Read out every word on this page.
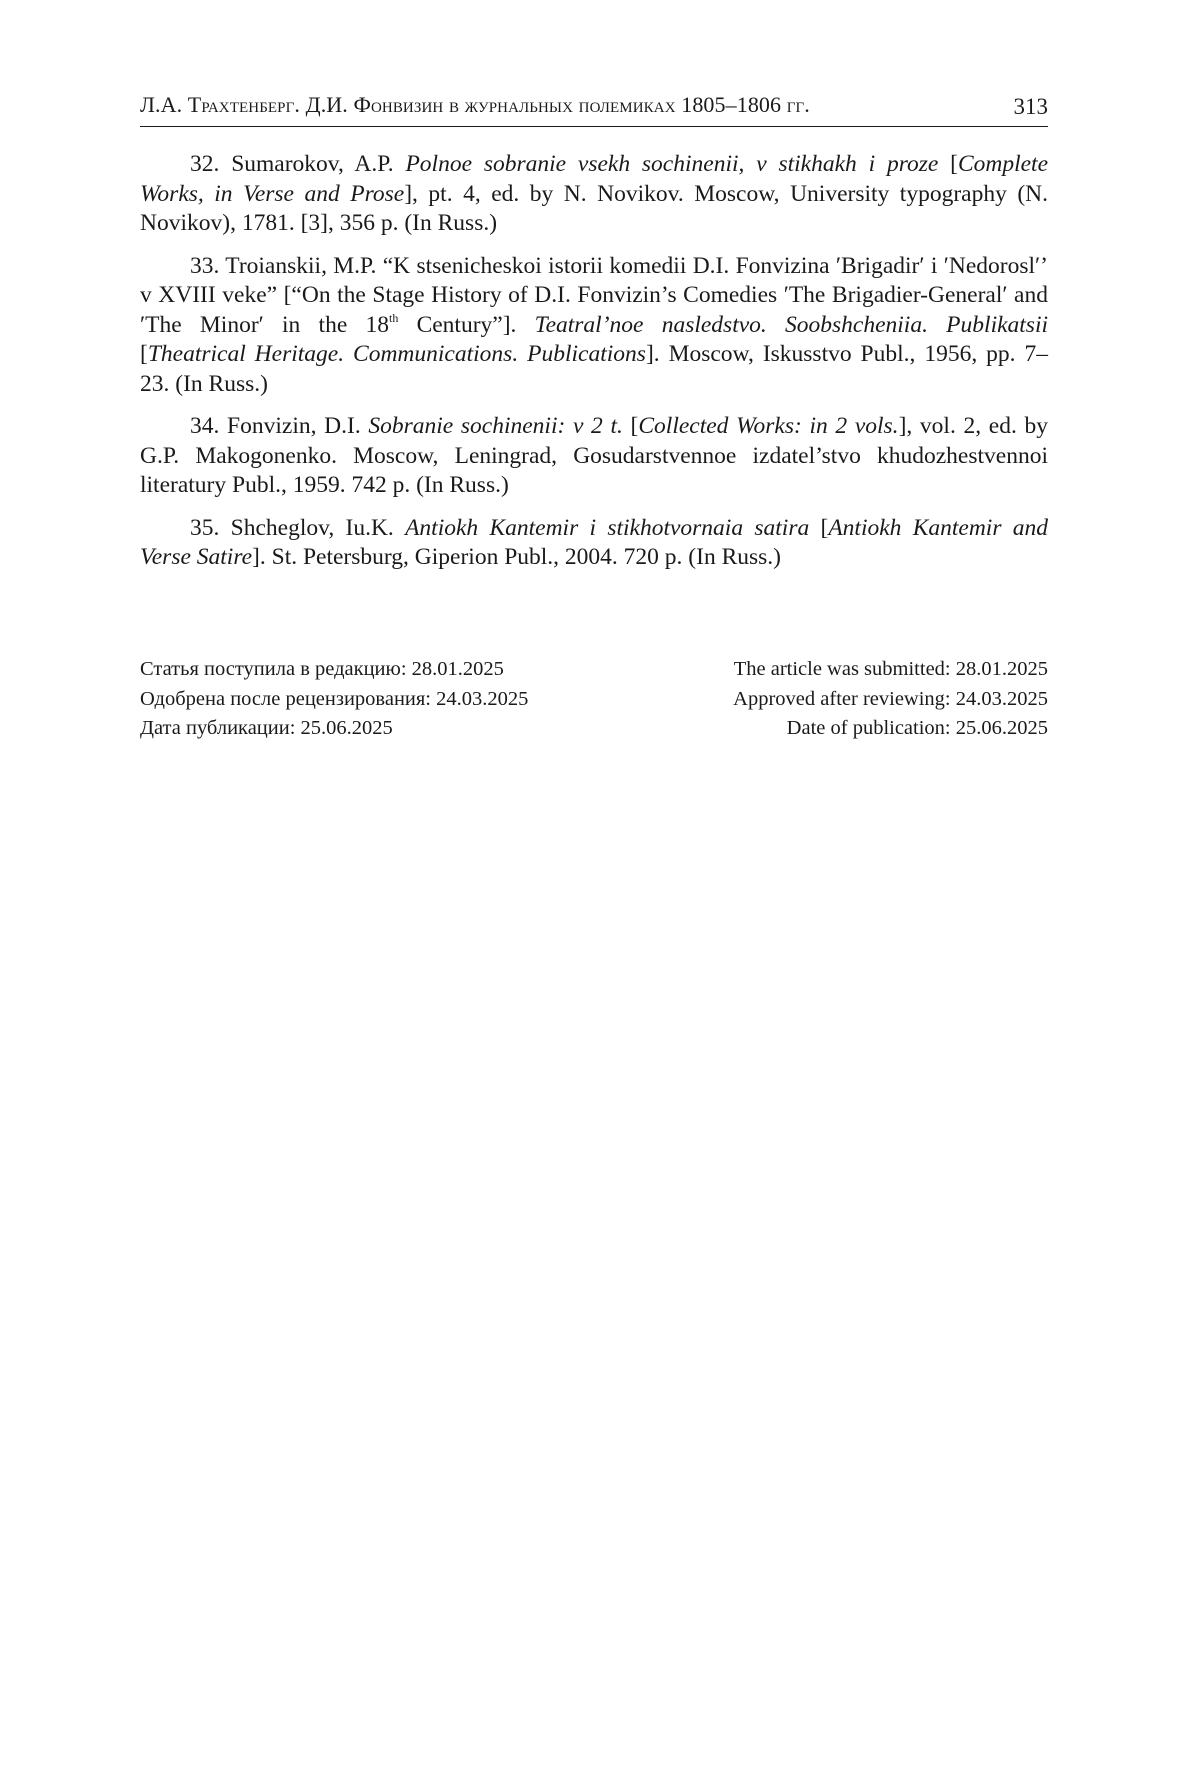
Л.А. Трахтенберг. Д.И. Фонвизин в журнальных полемиках 1805–1806 гг.	313

32. Sumarokov, A.P. Polnoe sobranie vsekh sochinenii, v stikhakh i proze [Complete Works, in Verse and Prose], pt. 4, ed. by N. Novikov. Moscow, University typography (N. Novikov), 1781. [3], 356 p. (In Russ.)

33. Troianskii, M.P. “K stsenicheskoi istorii komedii D.I. Fonvizina ʹBrigadirʹ i ʹNedoroslʹ’ v XVIII veke” [“On the Stage History of D.I. Fonvizin’s Comedies ʹThe Brigadier-Generalʹ and ʹThe Minorʹ in the 18th Century”]. Teatral’noe nasledstvo. Soobshcheniia. Publikatsii [Theatrical Heritage. Communications. Publications]. Moscow, Iskusstvo Publ., 1956, pp. 7–23. (In Russ.)

34. Fonvizin, D.I. Sobranie sochinenii: v 2 t. [Collected Works: in 2 vols.], vol. 2, ed. by G.P. Makogonenko. Moscow, Leningrad, Gosudarstvennoe izdatel’stvo khudozhestvennoi literatury Publ., 1959. 742 p. (In Russ.)

35. Shcheglov, Iu.K. Antiokh Kantemir i stikhotvornaia satira [Antiokh Kantemir and Verse Satire]. St. Petersburg, Giperion Publ., 2004. 720 p. (In Russ.)

Статья поступила в редакцию: 28.01.2025	The article was submitted: 28.01.2025
Одобрена после рецензирования: 24.03.2025	Approved after reviewing: 24.03.2025
Дата публикации: 25.06.2025	Date of publication: 25.06.2025
